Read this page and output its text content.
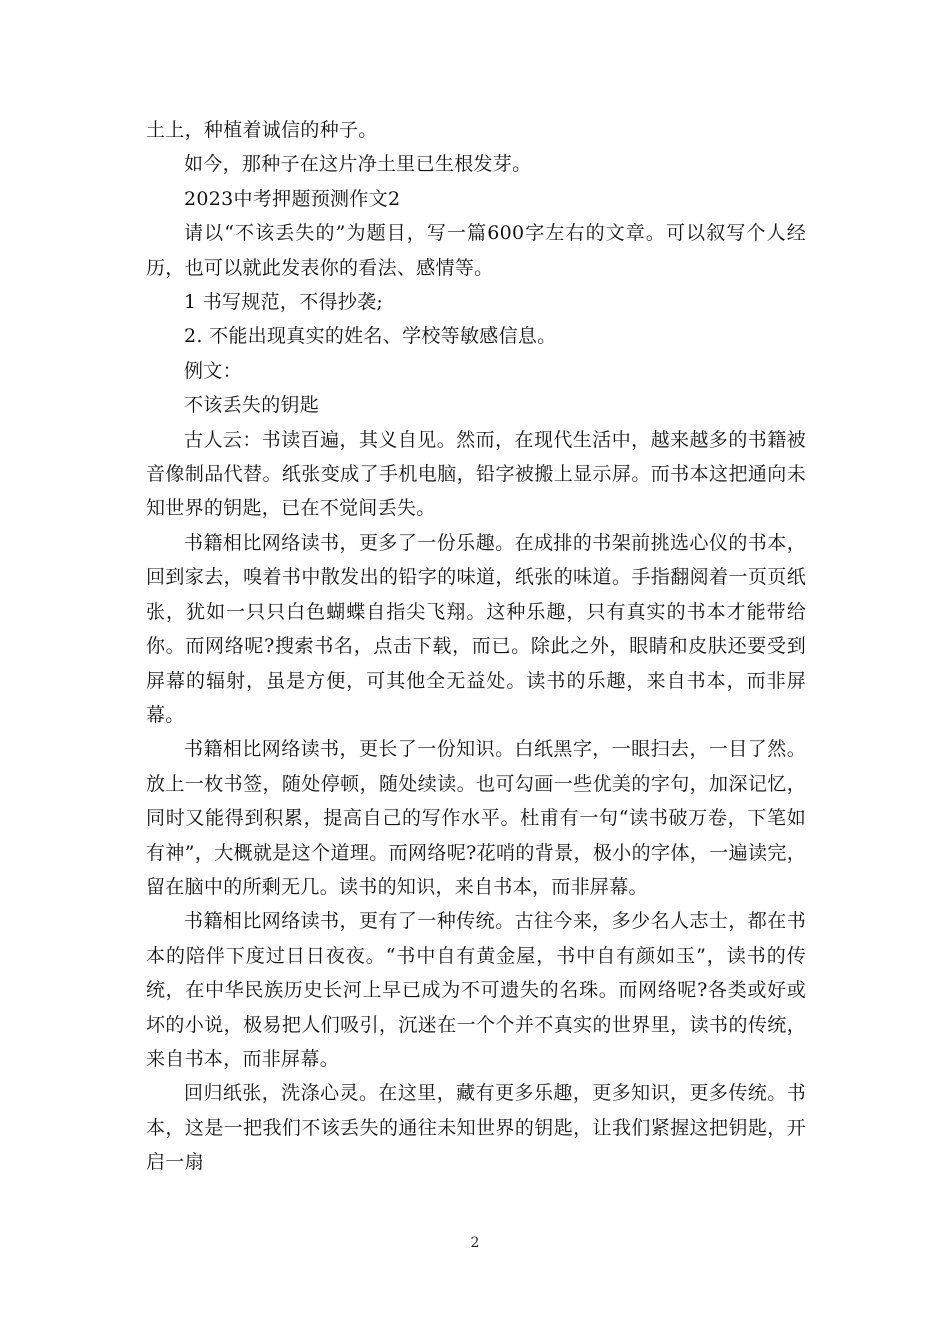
土上，种植着诚信的种子。

如今，那种子在这片净土里已生根发芽。

2023中考押题预测作文2

请以“不该丢失的”为题目，写一篇600字左右的文章。可以叙写个人经历，也可以就此发表你的看法、感情等。

1 书写规范，不得抄袭;

2. 不能出现真实的姓名、学校等敏感信息。

例文：

不该丢失的钥匙

古人云：书读百遍，其义自见。然而，在现代生活中，越来越多的书籍被音像制品代替。纸张变成了手机电脑，铅字被搬上显示屏。而书本这把通向未知世界的钥匙，已在不觉间丢失。

书籍相比网络读书，更多了一份乐趣。在成排的书架前挑选心仪的书本，回到家去，嗅着书中散发出的铅字的味道，纸张的味道。手指翻阅着一页页纸张，犹如一只只白色蝴蝶自指尖飞翔。这种乐趣，只有真实的书本才能带给你。而网络呢?搜索书名，点击下载，而已。除此之外，眼睛和皮肤还要受到屏幕的辐射，虽是方便，可其他全无益处。读书的乐趣，来自书本，而非屏幕。

书籍相比网络读书，更长了一份知识。白纸黑字，一眼扫去，一目了然。放上一枚书签，随处停顿，随处续读。也可勾画一些优美的字句，加深记忆，同时又能得到积累，提高自己的写作水平。杜甫有一句“读书破万卷，下笔如有神”，大概就是这个道理。而网络呢?花哨的背景，极小的字体，一遍读完，留在脑中的所剩无几。读书的知识，来自书本，而非屏幕。

书籍相比网络读书，更有了一种传统。古往今来，多少名人志士，都在书本的陪伴下度过日日夜夜。“书中自有黄金屋，书中自有颜如玉”，读书的传统，在中华民族历史长河上早已成为不可遗失的名珠。而网络呢?各类或好或坏的小说，极易把人们吸引，沉迷在一个个并不真实的世界里，读书的传统，来自书本，而非屏幕。

回归纸张，洗涤心灵。在这里，藏有更多乐趣，更多知识，更多传统。书本，这是一把我们不该丢失的通往未知世界的钥匙，让我们紧握这把钥匙，开启一扇

2
